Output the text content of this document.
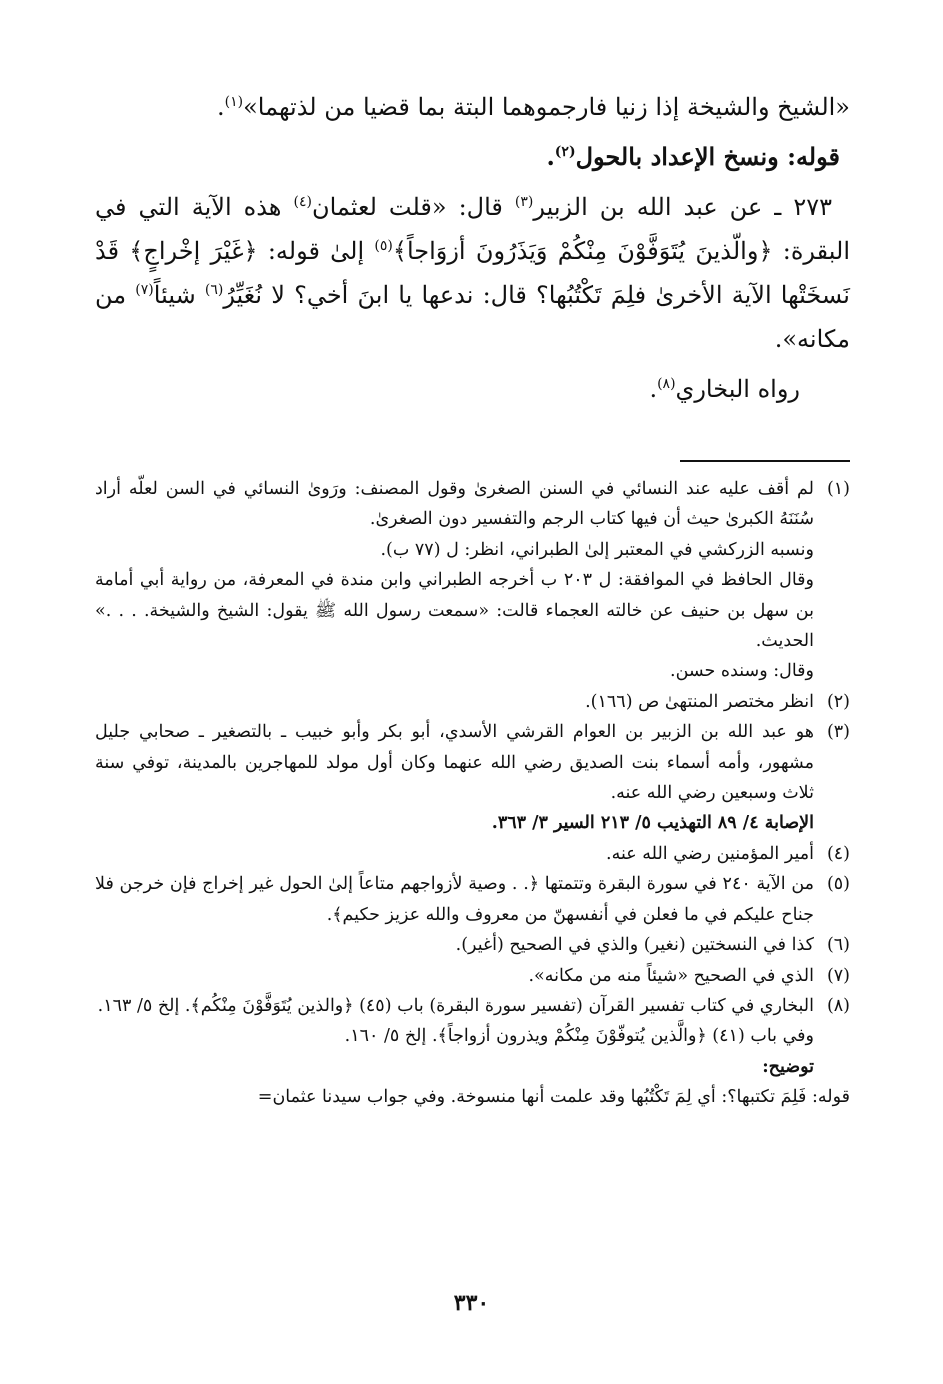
«الشيخ والشيخة إذا زنيا فارجموهما البتة بما قضيا من لذتهما»$^{(١)}$.

قوله: ونسخ الإعداد بالحول$^{(٢)}$.

٢٧٣ ـ عن عبد الله بن الزبير$^{(٣)}$ قال: «قلت لعثمان$^{(٤)}$ هذه الآية التي في البقرة: ﴿والّذينَ يُتَوَفَّوْنَ مِنْكُمْ وَيَذَرُونَ أزوَاجاً﴾$^{(٥)}$ إلىٰ قوله: ﴿غَيْرَ إخْراجٍ﴾ قَدْ نَسخَتْها الآية الأخرىٰ فلِمَ تَكْتُبُها؟ قال: ندعها يا ابنَ أخي؟ لا نُغَيِّرُ$^{(٦)}$ شيئاً$^{(٧)}$ من مكانه».

رواه البخاري$^{(٨)}$.

(١)
لم أقف عليه عند النسائي في السنن الصغرىٰ وقول المصنف: ورَوىٰ النسائي في السن لعلّه أراد سُنَنَهُ الكبرىٰ حيث أن فيها كتاب الرجم والتفسير دون الصغرىٰ.
ونسبه الزركشي في المعتبر إلىٰ الطبراني، انظر: ل (٧٧ ب).
وقال الحافظ في الموافقة: ل ٢٠٣ ب أخرجه الطبراني وابن مندة في المعرفة، من رواية أبي أمامة بن سهل بن حنيف عن خالته العجماء قالت: «سمعت رسول الله ﷺ يقول: الشيخ والشيخة. . . .» الحديث.
وقال: وسنده حسن.
(٢)
انظر مختصر المنتهىٰ ص (١٦٦).
(٣)
هو عبد الله بن الزبير بن العوام القرشي الأسدي، أبو بكر وأبو خبيب ـ بالتصغير ـ صحابي جليل مشهور، وأمه أسماء بنت الصديق رضي الله عنهما وكان أول مولد للمهاجرين بالمدينة، توفي سنة ثلاث وسبعين رضي الله عنه.
الإصابة ٤/ ٨٩ التهذيب ٥/ ٢١٣ السير ٣/ ٣٦٣.
(٤)
أمير المؤمنين رضي الله عنه.
(٥)
من الآية ٢٤٠ في سورة البقرة وتتمتها ﴿. . وصية لأزواجهم متاعاً إلىٰ الحول غير إخراج فإن خرجن فلا جناح عليكم في ما فعلن في أنفسهنّ من معروف والله عزيز حكيم﴾.
(٦)
كذا في النسختين (نغير) والذي في الصحيح (أغير).
(٧)
الذي في الصحيح «شيئاً منه من مكانه».
(٨)
البخاري في كتاب تفسير القرآن (تفسير سورة البقرة) باب (٤٥) ﴿والذين يُتَوَفَّوْنَ مِنْكُم﴾. إلخ ٥/ ١٦٣.
وفي باب (٤١) ﴿والَّذين يُتوفّوْنَ مِنْكُمْ ويذرون أزواجاً﴾. إلخ ٥/ ١٦٠.
توضيح:
قوله: فَلِمَ تكتبها؟: أي لِمَ تَكْتُبُها وقد علمت أنها منسوخة. وفي جواب سيدنا عثمان=
٣٣٠
